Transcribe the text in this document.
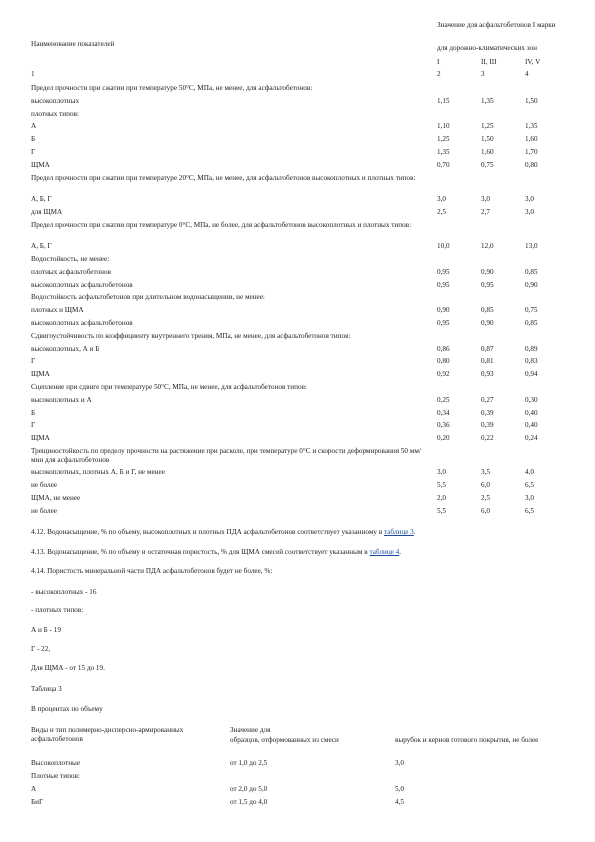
Наименование показателей
Значение для асфальтобетонов I марки
для дорожно-климатических зон
I	II, III	IV, V
1	2	3	4
Предел прочности при сжатии при температуре 50°С, МПа, не менее, для асфальтобетонов:
высокоплотных	1,15	1,35	1,50
плотных типов:
А	1,10	1,25	1,35
Б	1,25	1,50	1,60
Г	1,35	1,60	1,70
ЩМА	0,70	0,75	0,80
Предел прочности при сжатии при температуре 20°С, МПа, не менее, для асфальтобетонов высокоплотных и плотных типов:
А, Б, Г	3,0	3,0	3,0
для ЩМА	2,5	2,7	3,0
Предел прочности при сжатии при температуре 0°С, МПа, не более, для асфальтобетонов высокоплотных и плотных типов:
А, Б, Г	10,0	12,0	13,0
Водостойкость, не менее:
плотных асфальтобетонов	0,95	0,90	0,85
высокоплотных асфальтобетонов	0,95	0,95	0,90
Водостойкость асфальтобетонов при длительном водонасыщении, не менее:
плотных и ЩМА	0,90	0,85	0,75
высокоплотных асфальтобетонов	0,95	0,90	0,85
Сдвигоустойчивость по коэффициенту внутреннего трения, МПа, не менее, для асфальтобетонов типов:
высокоплотных, А и Б	0,86	0,87	0,89
Г	0,80	0,81	0,83
ЩМА	0,92	0,93	0,94
Сцепление при сдвиге при температуре 50°С, МПа, не менее, для асфальтобетонов типов:
высокоплотных и А	0,25	0,27	0,30
Б	0,34	0,39	0,40
Г	0,36	0,39	0,40
ЩМА	0,20	0,22	0,24
Трещиностойкость по пределу прочности на растяжение при расколе, при температуре 0°С и скорости деформирования 50 мм/мин для асфальтобетонов
высокоплотных, плотных А, Б и Г, не менее	3,0	3,5	4,0
не более	5,5	6,0	6,5
ЩМА, не менее	2,0	2,5	3,0
не более	5,5	6,0	6,5
4.12. Водонасыщение, % по объему, высокоплотных и плотных ПДА асфальтобетонов соответствует указанному в таблице 3.
4.13. Водонасыщение, % по объему и остаточная пористость, % для ЩМА смесей соответствует указанным в таблице 4.
4.14. Пористость минеральной части ПДА асфальтобетонов будет не более, %:
- высокоплотных - 16
- плотных типов:
А и Б - 19
Г - 22,
Для ЩМА - от 15 до 19.
Таблица 3
В процентах по объему
Виды и тип полимерно-дисперсно-армированных асфальтобетонов
Значение для
образцов, отформованных из смеси	вырубок и кернов готового покрытия, не более
Высокоплотные	от 1,0 до 2,5	3,0
Плотные типов:
А	от 2,0 до 5,0	5,0
БиГ	от 1,5 до 4,0	4,5
